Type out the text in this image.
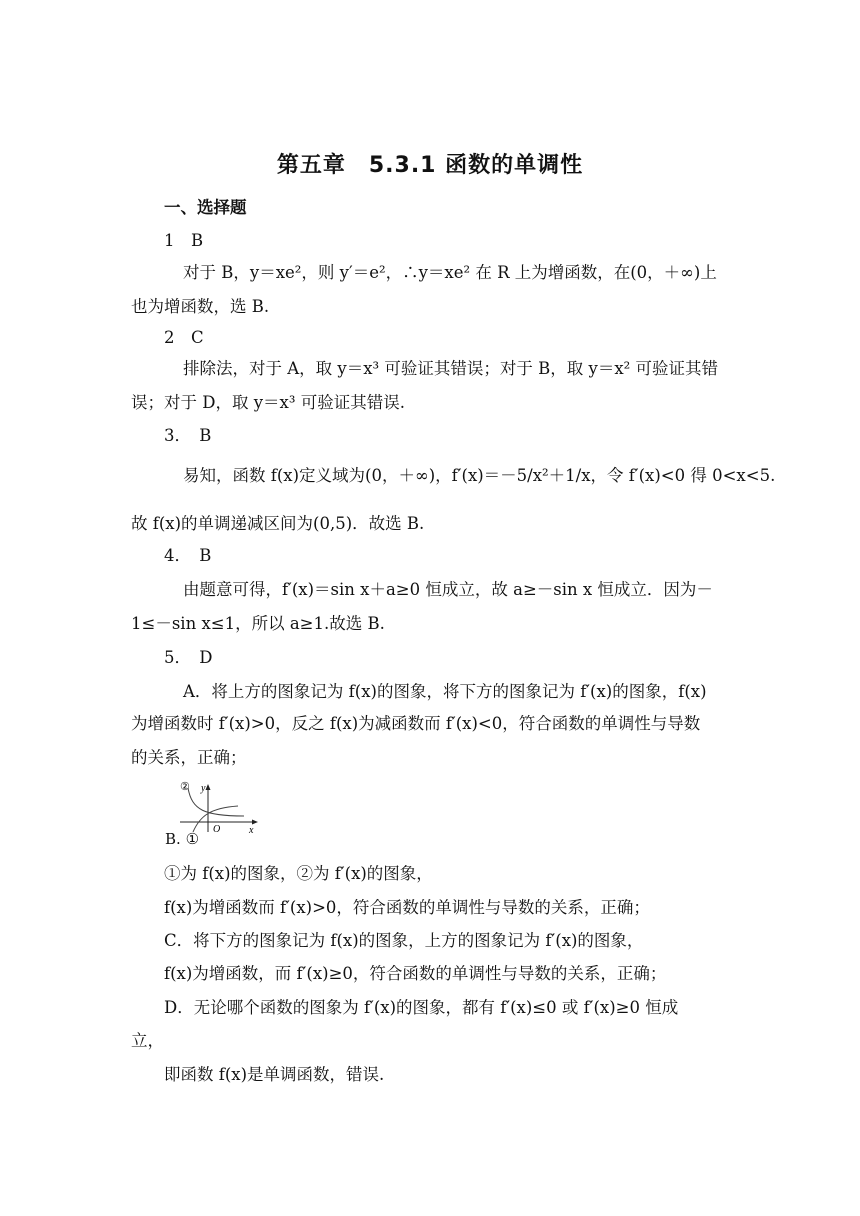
第五章　5.3.1 函数的单调性
一、选择题
1　B
对于 B，y＝xe²，则 y′＝e²，∴y＝xe² 在 R 上为增函数，在(0，＋∞)上
也为增函数，选 B.
2　C
排除法，对于 A，取 y＝x³ 可验证其错误；对于 B，取 y＝x² 可验证其错
误；对于 D，取 y＝x³ 可验证其错误.
3．　B
易知，函数 f(x)定义域为(0，＋∞)，f′(x)＝－5/x²＋1/x，令 f′(x)<0 得 0<x<5.
故 f(x)的单调递减区间为(0,5)．故选 B.
4．　B
由题意可得，f′(x)＝sin x＋a≥0 恒成立，故 a≥－sin x 恒成立．因为－
1≤－sin x≤1，所以 a≥1.故选 B.
5．　D
A．将上方的图象记为 f(x)的图象，将下方的图象记为 f′(x)的图象，f(x)
为增函数时 f′(x)>0，反之 f(x)为减函数而 f′(x)<0，符合函数的单调性与导数
的关系，正确；
B. ①
② y
O	x
①为 f(x)的图象，②为 f′(x)的图象，
f(x)为增函数而 f′(x)>0，符合函数的单调性与导数的关系，正确；
C．将下方的图象记为 f(x)的图象，上方的图象记为 f′(x)的图象，
f(x)为增函数，而 f′(x)≥0，符合函数的单调性与导数的关系，正确；
D．无论哪个函数的图象为 f′(x)的图象，都有 f′(x)≤0 或 f′(x)≥0 恒成
立，
即函数 f(x)是单调函数，错误.
